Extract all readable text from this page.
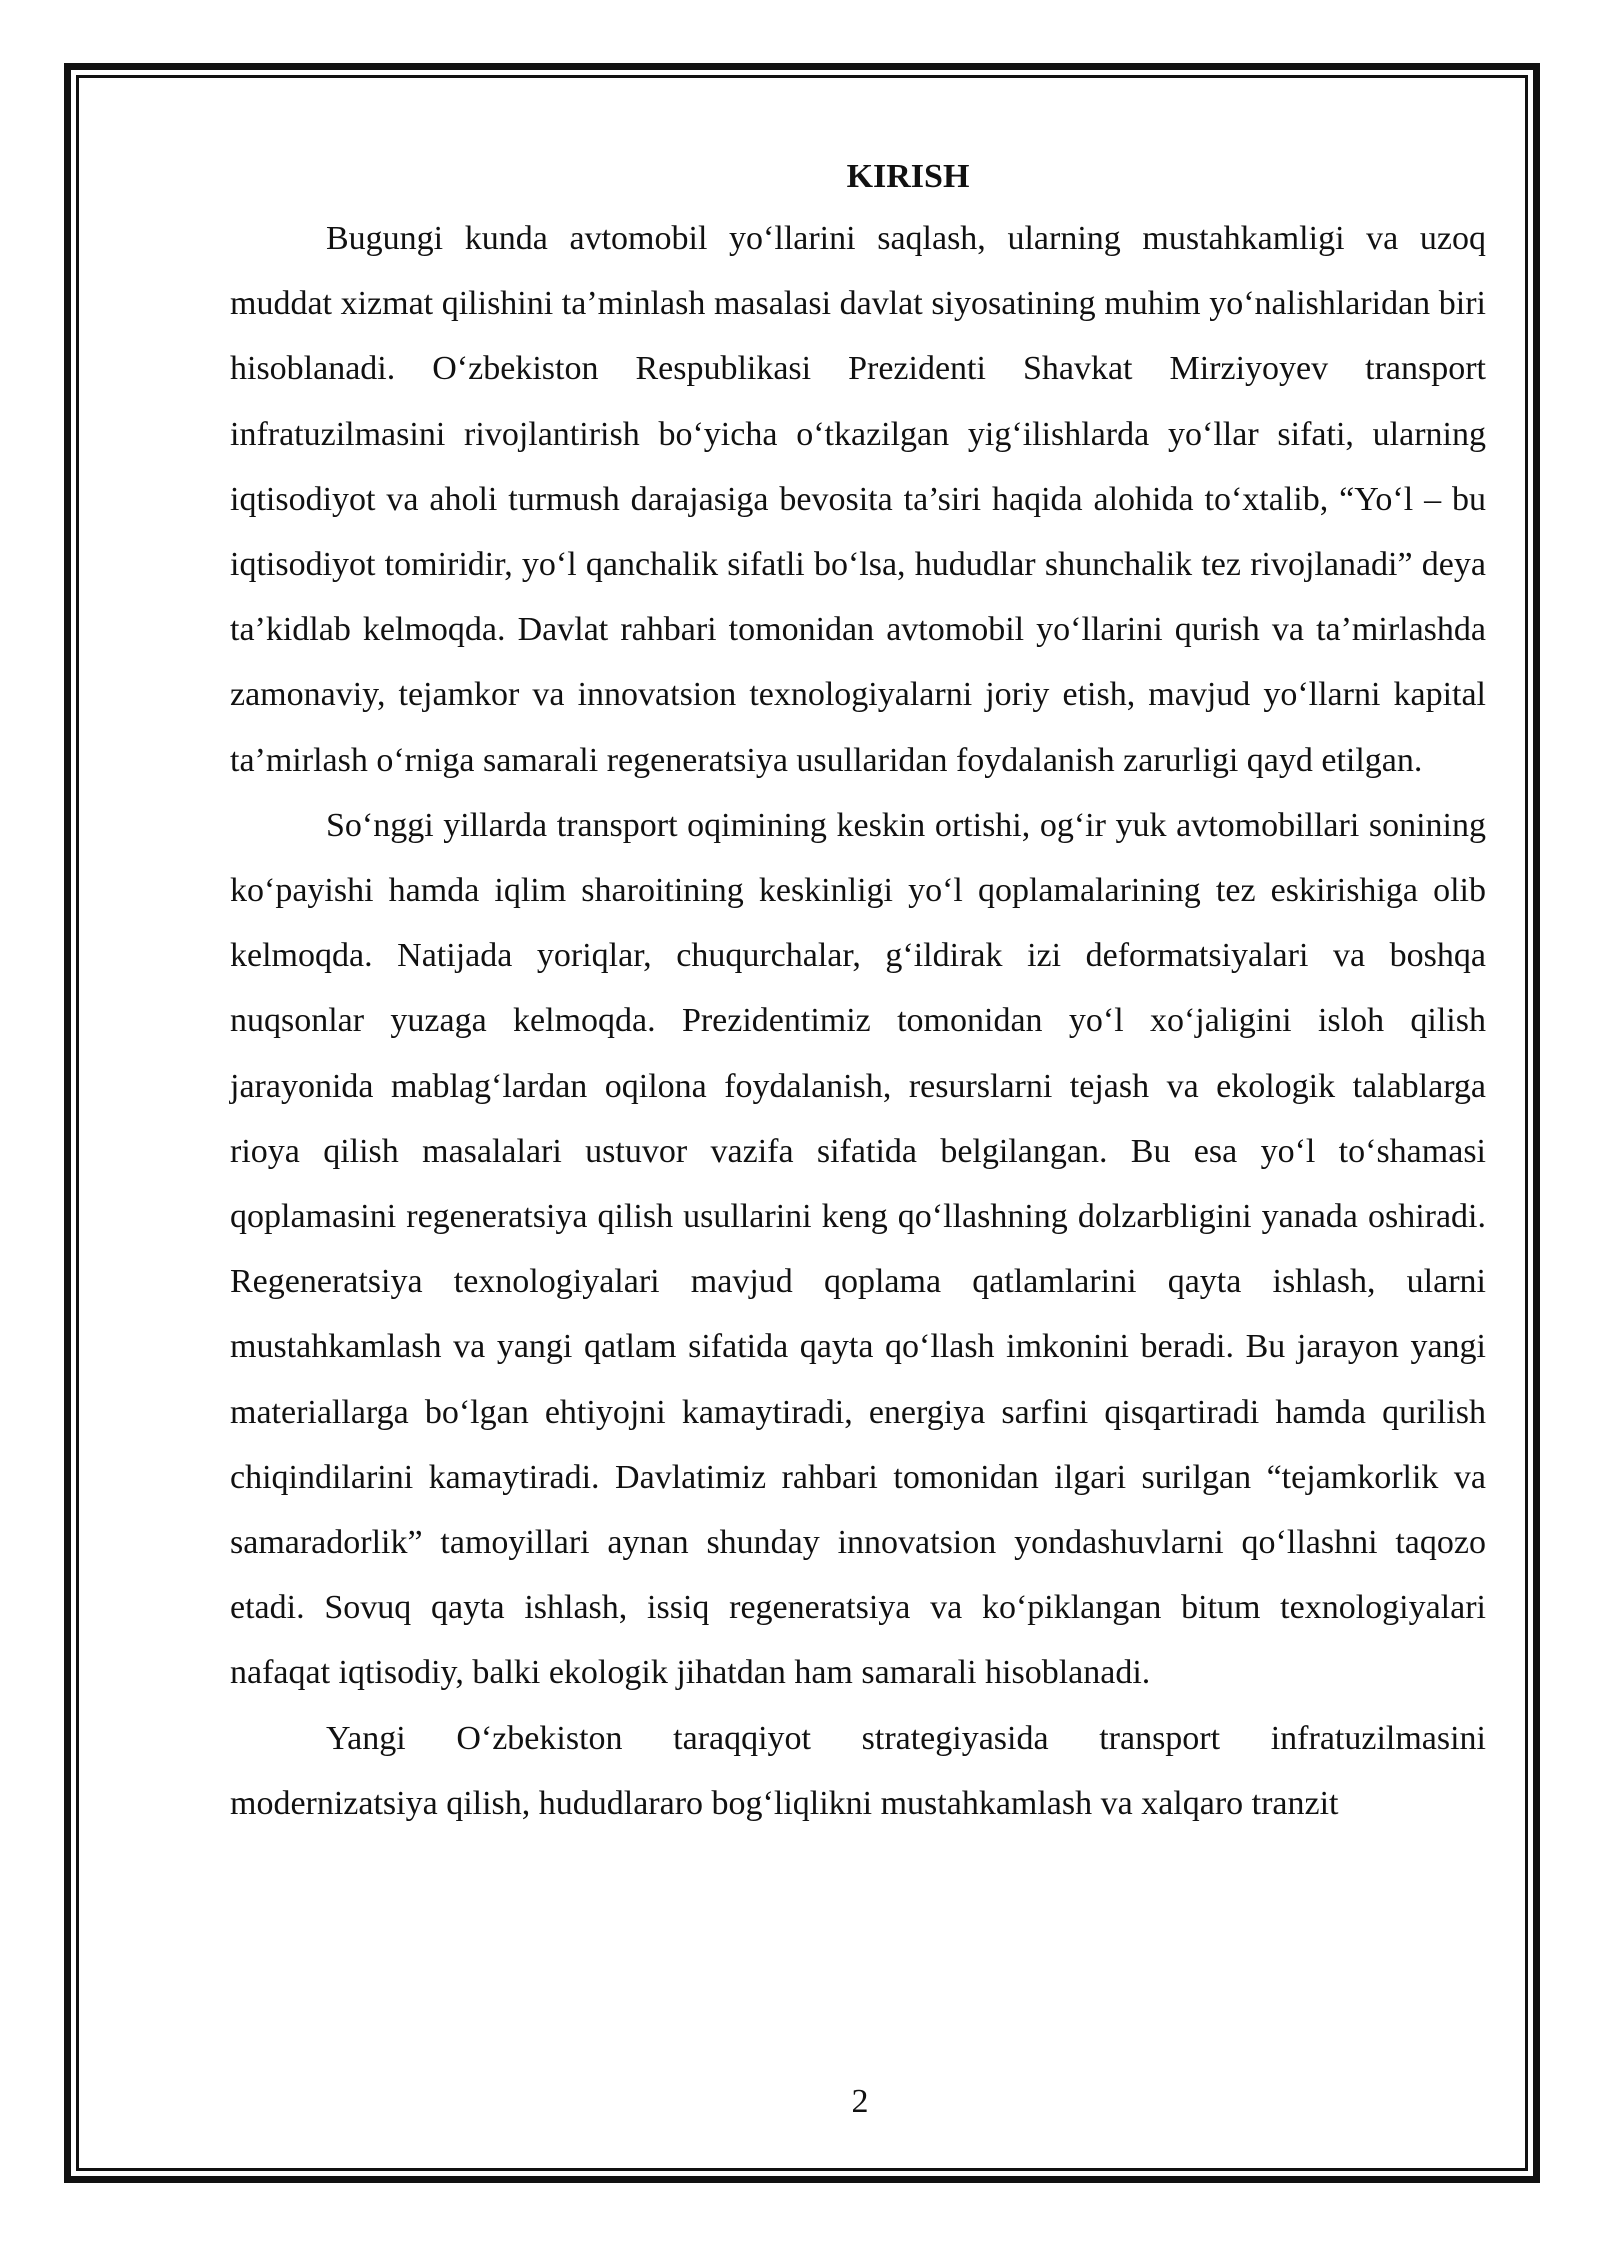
KIRISH

Bugungi kunda avtomobil yo‘llarini saqlash, ularning mustahkamligi va uzoq muddat xizmat qilishini ta’minlash masalasi davlat siyosatining muhim yo‘nalishlaridan biri hisoblanadi. O‘zbekiston Respublikasi Prezidenti Shavkat Mirziyoyev transport infratuzilmasini rivojlantirish bo‘yicha o‘tkazilgan yig‘ilishlarda yo‘llar sifati, ularning iqtisodiyot va aholi turmush darajasiga bevosita ta’siri haqida alohida to‘xtalib, “Yo‘l – bu iqtisodiyot tomiridir, yo‘l qanchalik sifatli bo‘lsa, hududlar shunchalik tez rivojlanadi” deya ta’kidlab kelmoqda. Davlat rahbari tomonidan avtomobil yo‘llarini qurish va ta’mirlashda zamonaviy, tejamkor va innovatsion texnologiyalarni joriy etish, mavjud yo‘llarni kapital ta’mirlash o‘rniga samarali regeneratsiya usullaridan foydalanish zarurligi qayd etilgan.

So‘nggi yillarda transport oqimining keskin ortishi, og‘ir yuk avtomobillari sonining ko‘payishi hamda iqlim sharoitining keskinligi yo‘l qoplamalarining tez eskirishiga olib kelmoqda. Natijada yoriqlar, chuqurchalar, g‘ildirak izi deformatsiyalari va boshqa nuqsonlar yuzaga kelmoqda. Prezidentimiz tomonidan yo‘l xo‘jaligini isloh qilish jarayonida mablag‘lardan oqilona foydalanish, resurslarni tejash va ekologik talablarga rioya qilish masalalari ustuvor vazifa sifatida belgilangan. Bu esa yo‘l to‘shamasi qoplamasini regeneratsiya qilish usullarini keng qo‘llashning dolzarbligini yanada oshiradi. Regeneratsiya texnologiyalari mavjud qoplama qatlamlarini qayta ishlash, ularni mustahkamlash va yangi qatlam sifatida qayta qo‘llash imkonini beradi. Bu jarayon yangi materiallarga bo‘lgan ehtiyojni kamaytiradi, energiya sarfini qisqartiradi hamda qurilish chiqindilarini kamaytiradi. Davlatimiz rahbari tomonidan ilgari surilgan “tejamkorlik va samaradorlik” tamoyillari aynan shunday innovatsion yondashuvlarni qo‘llashni taqozo etadi. Sovuq qayta ishlash, issiq regeneratsiya va ko‘piklangan bitum texnologiyalari nafaqat iqtisodiy, balki ekologik jihatdan ham samarali hisoblanadi.

Yangi O‘zbekiston taraqqiyot strategiyasida transport infratuzilmasini modernizatsiya qilish, hududlararo bog‘liqlikni mustahkamlash va xalqaro tranzit

2
